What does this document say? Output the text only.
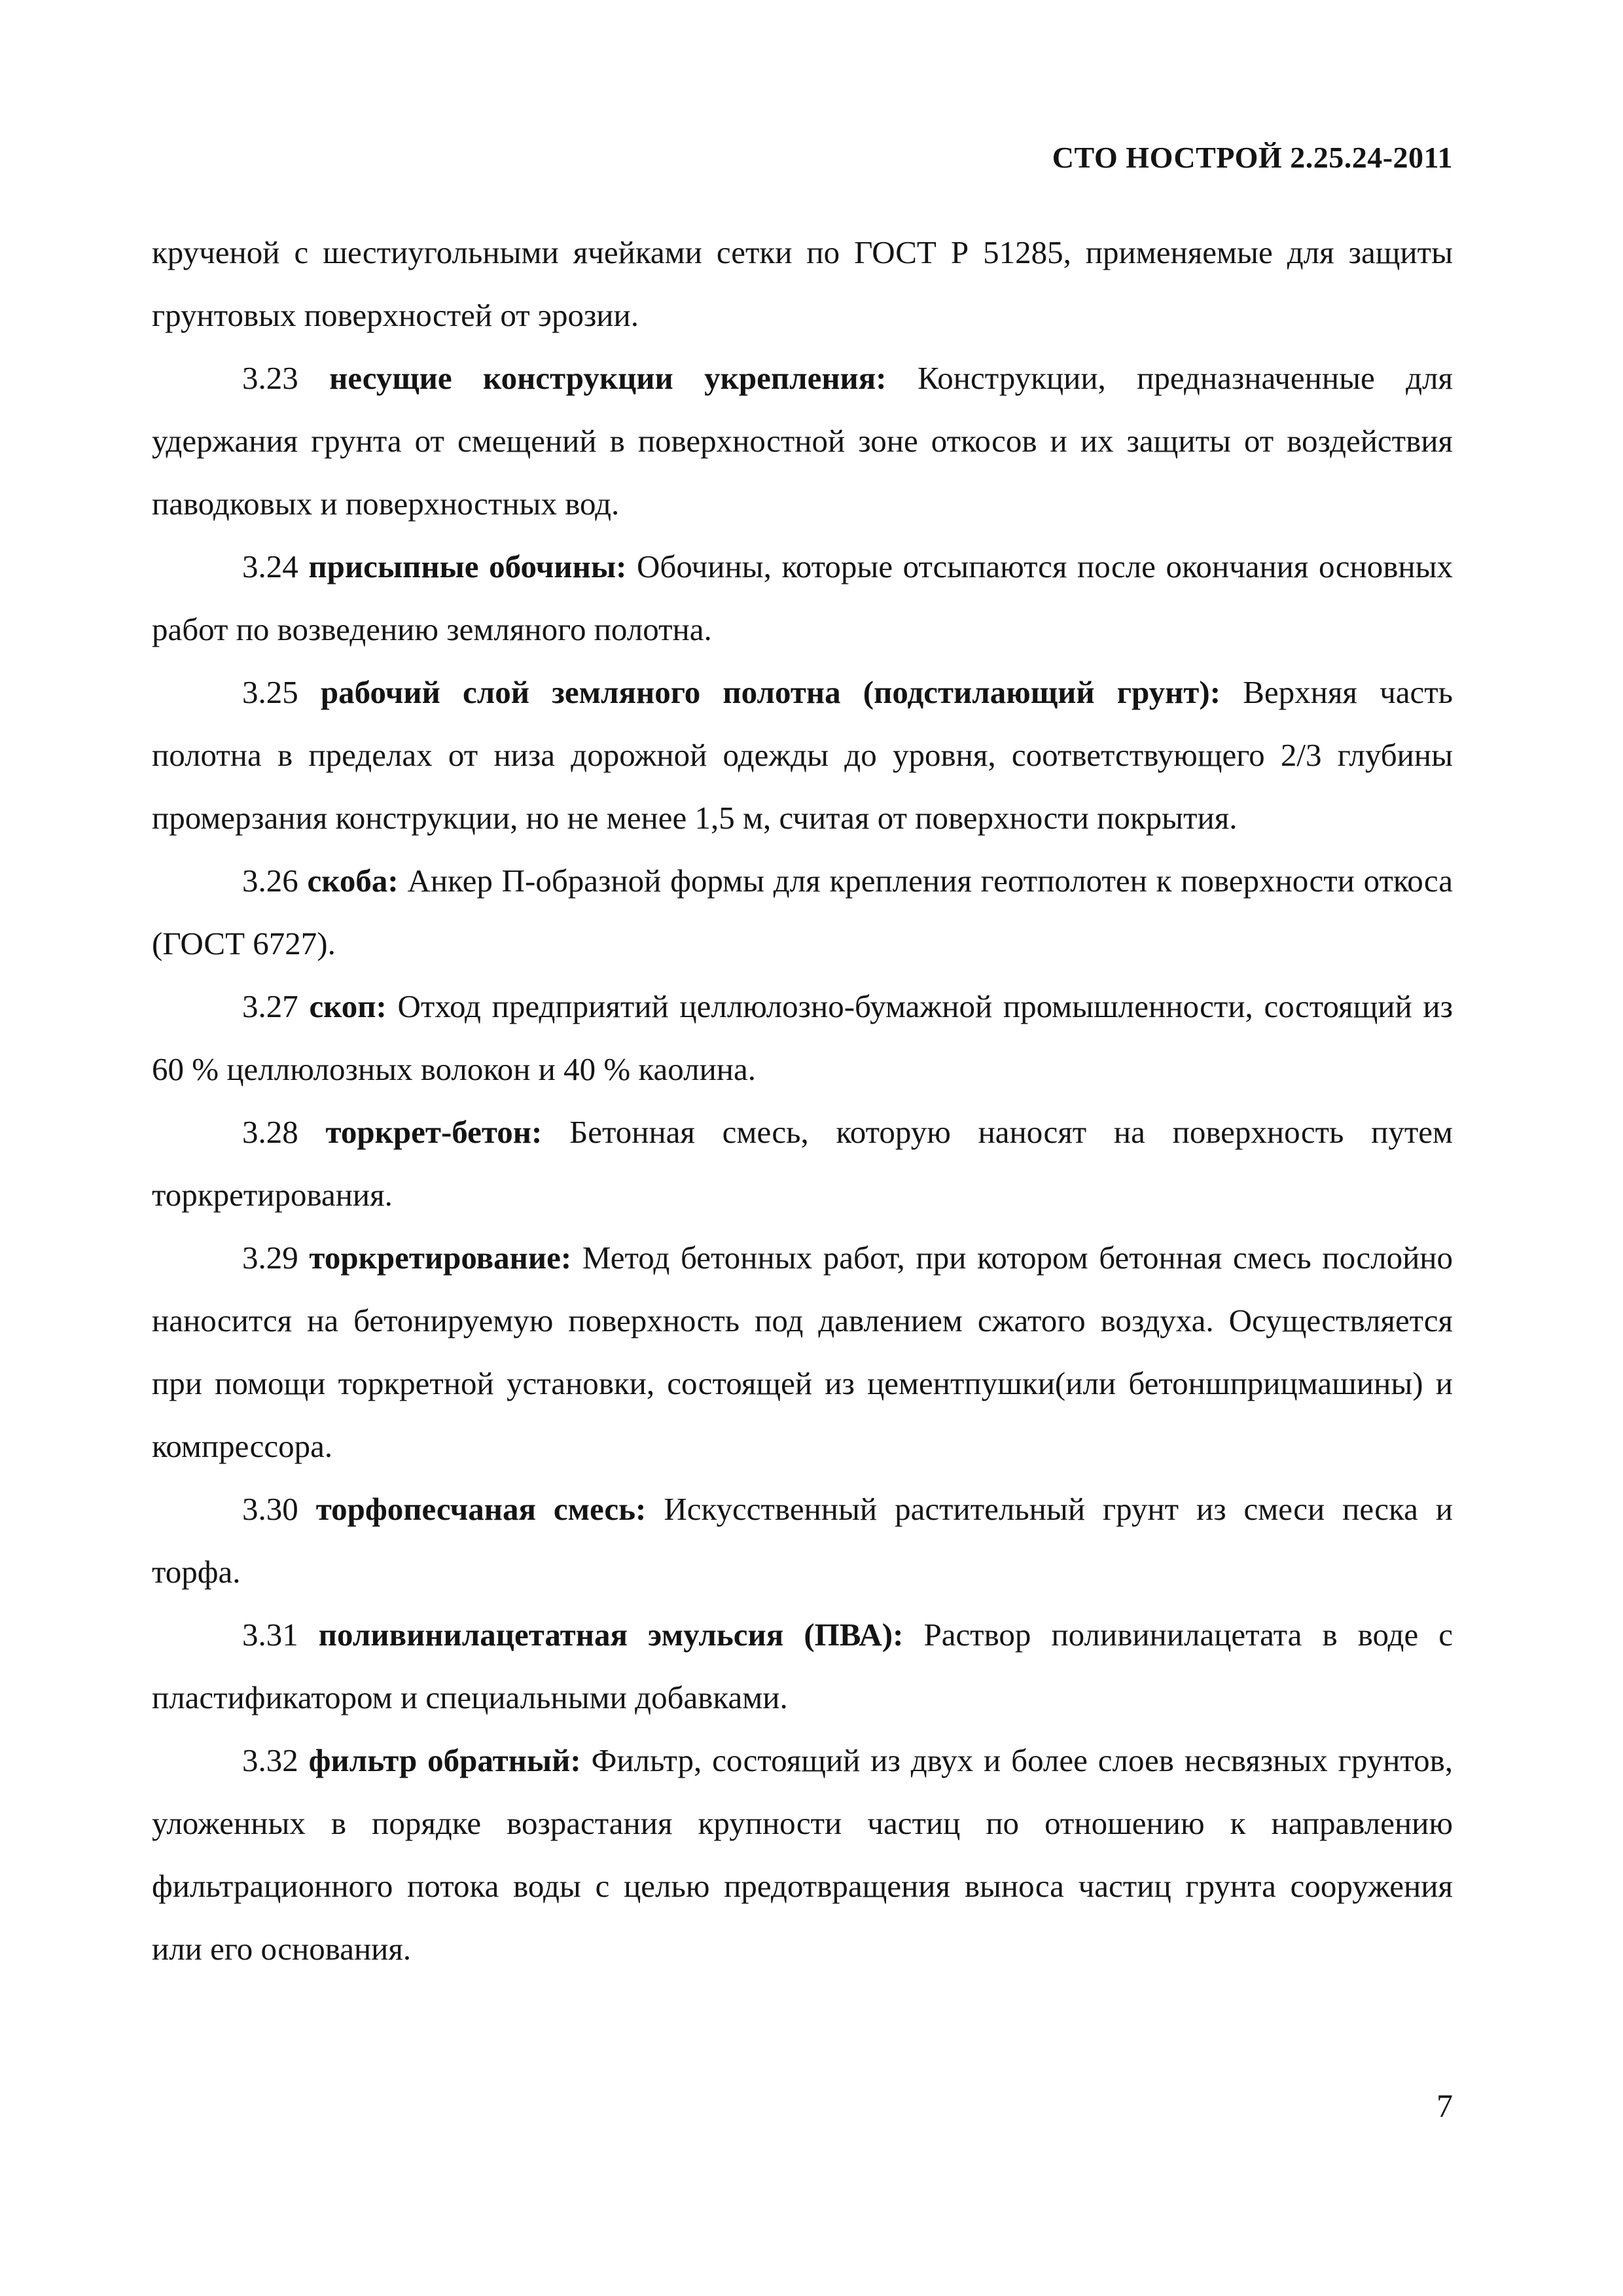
СТО НОСТРОЙ 2.25.24-2011

крученой с шестиугольными ячейками сетки по ГОСТ Р 51285, применяемые для защиты грунтовых поверхностей от эрозии.

3.23 несущие конструкции укрепления: Конструкции, предназначенные для удержания грунта от смещений в поверхностной зоне откосов и их защиты от воздействия паводковых и поверхностных вод.

3.24 присыпные обочины: Обочины, которые отсыпаются после окончания основных работ по возведению земляного полотна.

3.25 рабочий слой земляного полотна (подстилающий грунт): Верхняя часть полотна в пределах от низа дорожной одежды до уровня, соответствующего 2/3 глубины промерзания конструкции, но не менее 1,5 м, считая от поверхности покрытия.

3.26 скоба: Анкер П-образной формы для крепления геотполотен к поверхности откоса (ГОСТ 6727).

3.27 скоп: Отход предприятий целлюлозно-бумажной промышленности, состоящий из 60 % целлюлозных волокон и 40 % каолина.

3.28 торкрет-бетон: Бетонная смесь, которую наносят на поверхность путем торкретирования.

3.29 торкретирование: Метод бетонных работ, при котором бетонная смесь послойно наносится на бетонируемую поверхность под давлением сжатого воздуха. Осуществляется при помощи торкретной установки, состоящей из цементпушки(или бетоншприцмашины) и компрессора.

3.30 торфопесчаная смесь: Искусственный растительный грунт из смеси песка и торфа.

3.31 поливинилацетатная эмульсия (ПВА): Раствор поливинилацетата в воде с пластификатором и специальными добавками.

3.32 фильтр обратный: Фильтр, состоящий из двух и более слоев несвязных грунтов, уложенных в порядке возрастания крупности частиц по отношению к направлению фильтрационного потока воды с целью предотвращения выноса частиц грунта сооружения или его основания.

7
